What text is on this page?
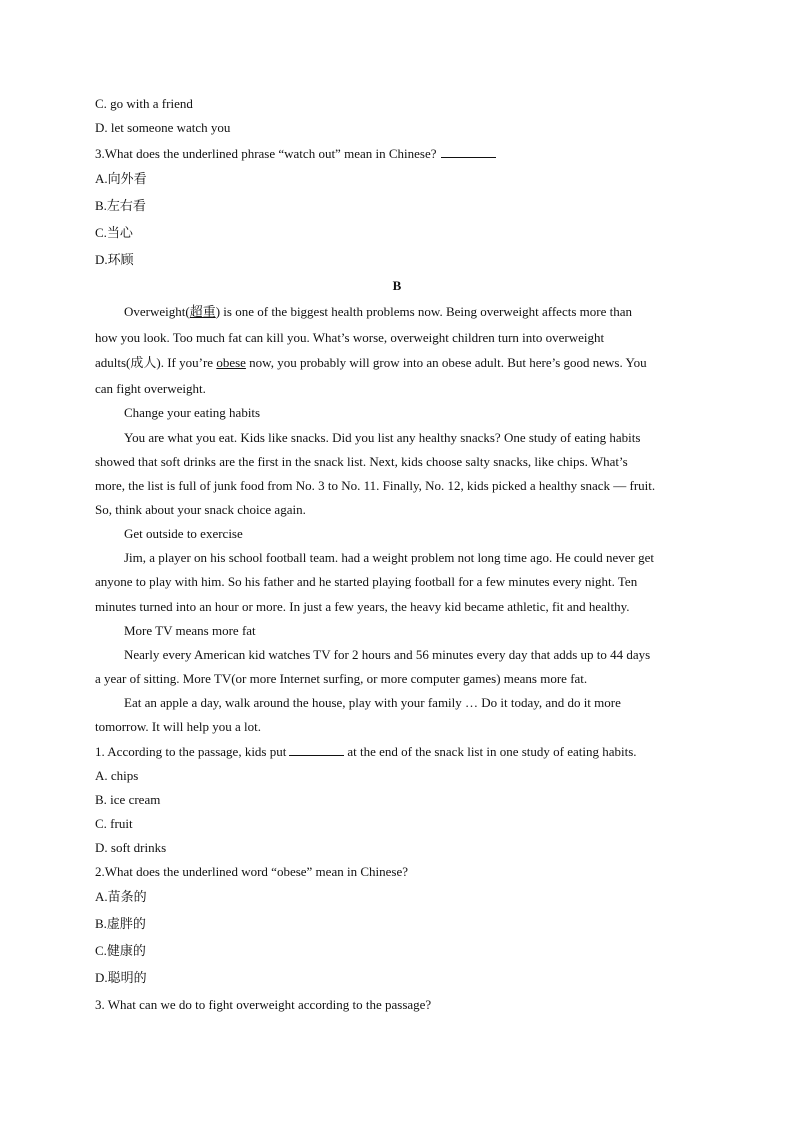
C. go with a friend
D. let someone watch you
3.What does the underlined phrase “watch out” mean in Chinese?
A.向外看
B.左右看
C.当心
D.环顾
B
Overweight(超重) is one of the biggest health problems now. Being overweight affects more than
how you look. Too much fat can kill you. What’s worse, overweight children turn into overweight
adults(成人). If you’re obese now, you probably will grow into an obese adult. But here’s good news. You
can fight overweight.
Change your eating habits
You are what you eat. Kids like snacks. Did you list any healthy snacks? One study of eating habits
showed that soft drinks are the first in the snack list. Next, kids choose salty snacks, like chips. What’s
more, the list is full of junk food from No. 3 to No. 11. Finally, No. 12, kids picked a healthy snack — fruit.
So, think about your snack choice again.
Get outside to exercise
Jim, a player on his school football team. had a weight problem not long time ago. He could never get
anyone to play with him. So his father and he started playing football for a few minutes every night. Ten
minutes turned into an hour or more. In just a few years, the heavy kid became athletic, fit and healthy.
More TV means more fat
Nearly every American kid watches TV for 2 hours and 56 minutes every day that adds up to 44 days
a year of sitting. More TV(or more Internet surfing, or more computer games) means more fat.
Eat an apple a day, walk around the house, play with your family … Do it today, and do it more
tomorrow. It will help you a lot.
1. According to the passage, kids put	at the end of the snack list in one study of eating habits.
A. chips
B. ice cream
C. fruit
D. soft drinks
2.What does the underlined word “obese” mean in Chinese?
A.苗条的
B.虚胖的
C.健康的
D.聪明的
3. What can we do to fight overweight according to the passage?
